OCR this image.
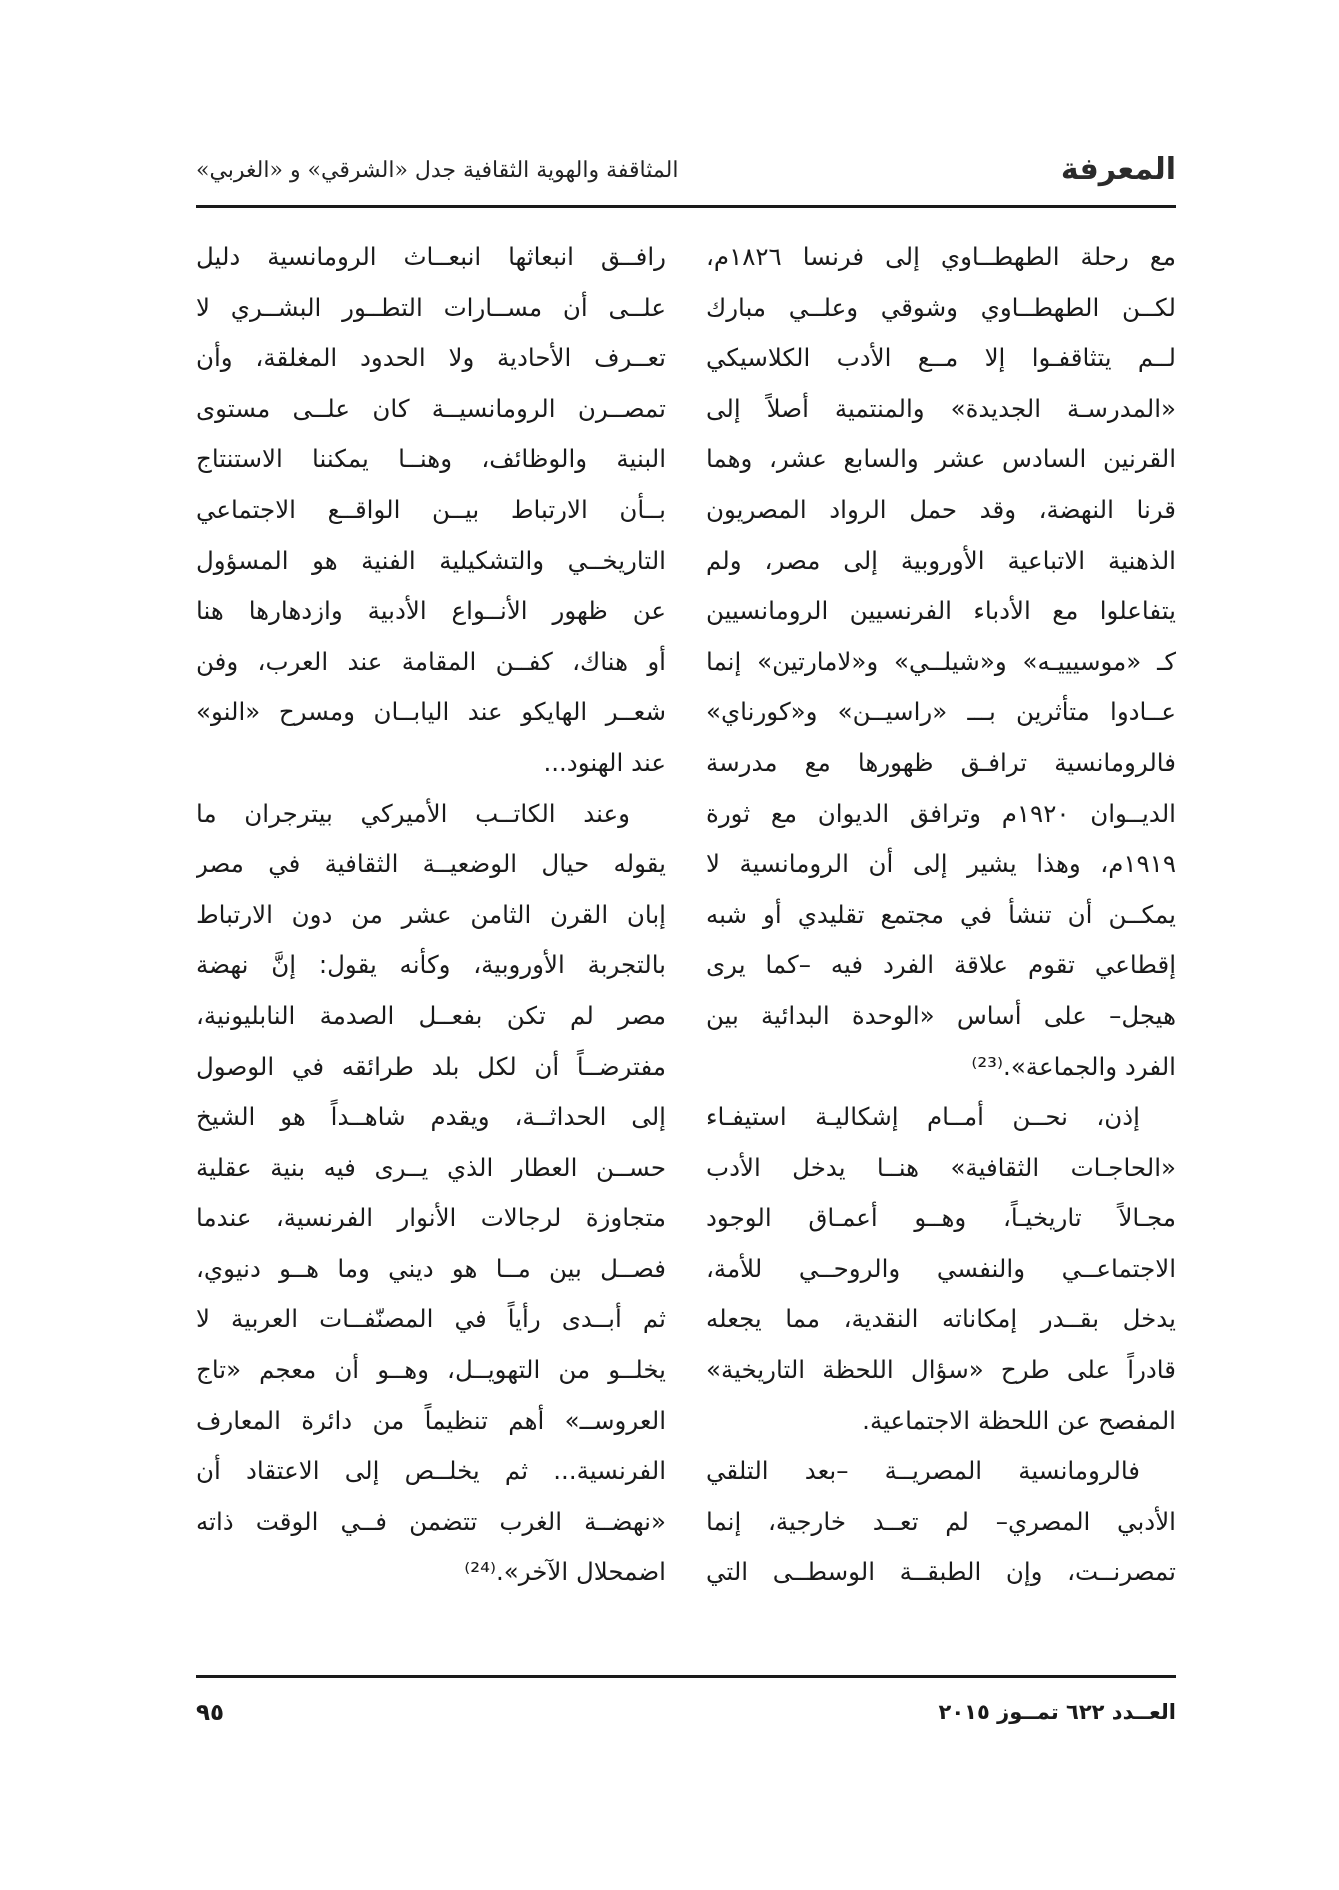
المعرفة
المثاقفة والهوية الثقافية جدل «الشرقي» و «الغربي»
مع رحلة الطهطــاوي إلى فرنسا ١٨٢٦م،
لكــن الطهطــاوي وشوقي وعلــي مبارك
لــم يتثاقفـوا إلا مــع الأدب الكلاسيكي
«المدرسـة الجديدة» والمنتمية أصلاً إلى
القرنين السادس عشر والسابع عشر، وهما
قرنا النهضة، وقد حمل الرواد المصريون
الذهنية الاتباعية الأوروبية إلى مصر، ولم
يتفاعلوا مع الأدباء الفرنسيين الرومانسيين
كـ «موسيييـه» و«شيلــي» و«لامارتين» إنما
عــادوا متأثرين بـــ «راسيــن» و«كورناي»
فالرومانسية ترافـق ظهورها مع مدرسة
الديــوان ١٩٢٠م وترافق الديوان مع ثورة
١٩١٩م، وهذا يشير إلى أن الرومانسية لا
يمكــن أن تنشأ في مجتمع تقليدي أو شبه
إقطاعي تقوم علاقة الفرد فيه –كما يرى
هيجل– على أساس «الوحدة البدائية بين
الفرد والجماعة».⁽²³⁾
إذن، نحــن أمــام إشكاليـة استيفـاء
«الحاجـات الثقافية» هنــا يدخل الأدب
مجـالاً تاريخيـاً، وهــو أعمـاق الوجود
الاجتماعــي والنفسي والروحــي للأمة،
يدخل بقــدر إمكاناته النقدية، مما يجعله
قادراً على طرح «سؤال اللحظة التاريخية»
المفصح عن اللحظة الاجتماعية.
فالرومانسية المصريــة –بعد التلقي
الأدبي المصري– لم تعــد خارجية، إنما
تمصرنــت، وإن الطبقــة الوسطــى التي
رافــق انبعاثها انبعــاث الرومانسية دليل
علــى أن مســارات التطــور البشــري لا
تعــرف الأحادية ولا الحدود المغلقة، وأن
تمصــرن الرومانسيــة كان علــى مستوى
البنية والوظائف، وهنــا يمكننا الاستنتاج
بــأن الارتباط بيــن الواقــع الاجتماعي
التاريخــي والتشكيلية الفنية هو المسؤول
عن ظهور الأنــواع الأدبية وازدهارها هنا
أو هناك، كفــن المقامة عند العرب، وفن
شعــر الهايكو عند اليابــان ومسرح «النو»
عند الهنود...
وعند الكاتــب الأميركي بيترجران ما
يقوله حيال الوضعيــة الثقافية في مصر
إبان القرن الثامن عشر من دون الارتباط
بالتجربة الأوروبية، وكأنه يقول: إنَّ نهضة
مصر لم تكن بفعــل الصدمة النابليونية،
مفترضــاً أن لكل بلد طرائقه في الوصول
إلى الحداثــة، ويقدم شاهــداً هو الشيخ
حســن العطار الذي يــرى فيه بنية عقلية
متجاوزة لرجالات الأنوار الفرنسية، عندما
فصــل بين مــا هو ديني وما هــو دنيوي،
ثم أبــدى رأياً في المصنّفــات العربية لا
يخلــو من التهويــل، وهــو أن معجم «تاج
العروســ» أهم تنظيماً من دائرة المعارف
الفرنسية... ثم يخلــص إلى الاعتقاد أن
«نهضــة الغرب تتضمن فــي الوقت ذاته
اضمحلال الآخر».⁽²⁴⁾
العــدد ٦٢٢ تمــوز ٢٠١٥
٩٥
